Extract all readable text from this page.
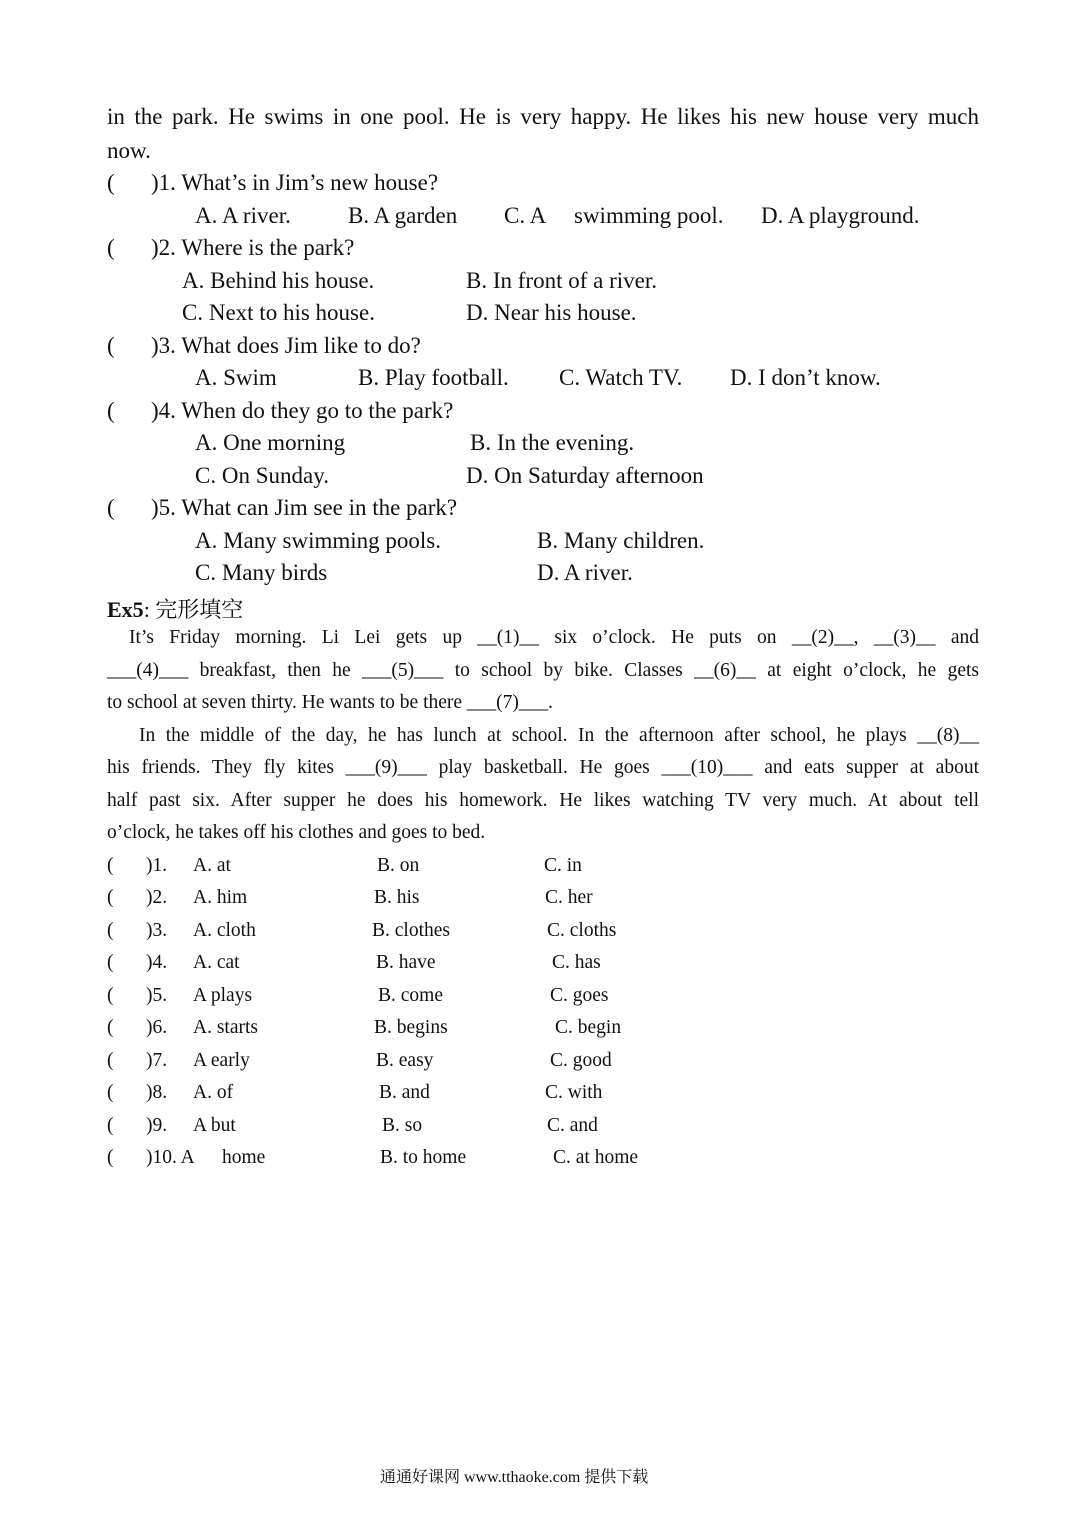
in the park. He swims in one pool. He is very happy. He likes his new house very much
now.
( )1. What’s in Jim’s new house?
A. A river. B. A garden C. A swimming pool. D. A playground.
( )2. Where is the park?
A. Behind his house.	B. In front of a river.
C. Next to his house.	D. Near his house.
( )3. What does Jim like to do?
A. Swim	B. Play football. C. Watch TV. D. I don’t know.
( )4. When do they go to the park?
A. One morning	B. In the evening.
C. On Sunday.	D. On Saturday afternoon
( )5. What can Jim see in the park?
A. Many swimming pools.	B. Many children.
C. Many birds	D. A river.
Ex5: 完形填空
It’s Friday morning. Li Lei gets up __(1)__ six o’clock. He puts on __(2)__, __(3)__ and
___(4)___ breakfast, then he ___(5)___ to school by bike. Classes __(6)__ at eight o’clock, he gets
to school at seven thirty. He wants to be there ___(7)___.
In the middle of the day, he has lunch at school. In the afternoon after school, he plays __(8)__
his friends. They fly kites ___(9)___ play basketball. He goes ___(10)___ and eats supper at about
half past six. After supper he does his homework. He likes watching TV very much. At about tell
o’clock, he takes off his clothes and goes to bed.
( )1. A. at	B. on	C. in
( )2. A. him	B. his	C. her
( )3. A. cloth	B. clothes	C. cloths
( )4. A. cat	B. have	C. has
( )5. A plays	B. come	C. goes
( )6. A. starts	B. begins	C. begin
( )7. A early	B. easy	C. good
( )8. A. of	B. and	C. with
( )9. A but	B. so	C. and
( )10. A home	B. to home	C. at home
通通好课网 www.tthaoke.com 提供下载
